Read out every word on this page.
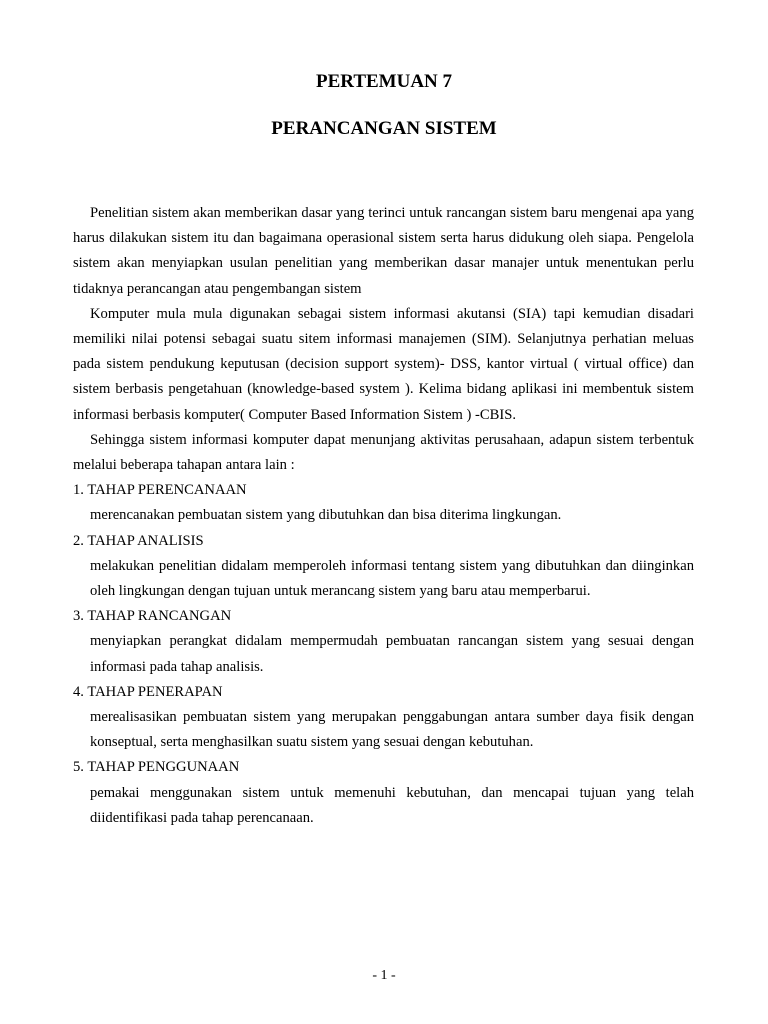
PERTEMUAN 7
PERANCANGAN SISTEM

Penelitian sistem akan memberikan dasar yang terinci untuk rancangan sistem baru mengenai apa yang harus dilakukan sistem itu dan bagaimana operasional sistem serta harus didukung oleh siapa. Pengelola sistem akan menyiapkan usulan penelitian yang memberikan dasar manajer untuk menentukan perlu tidaknya perancangan atau pengembangan sistem

Komputer mula mula digunakan sebagai sistem informasi akutansi (SIA) tapi kemudian disadari memiliki nilai potensi sebagai suatu sitem informasi manajemen (SIM). Selanjutnya perhatian meluas pada sistem pendukung keputusan (decision support system)- DSS, kantor virtual ( virtual office) dan sistem berbasis pengetahuan (knowledge-based system ). Kelima bidang aplikasi ini membentuk sistem informasi berbasis komputer( Computer Based Information Sistem ) -CBIS.

Sehingga sistem informasi komputer dapat menunjang aktivitas perusahaan, adapun sistem terbentuk melalui beberapa tahapan antara lain :

1. TAHAP PERENCANAAN

merencanakan pembuatan sistem yang dibutuhkan dan bisa diterima lingkungan.

2. TAHAP ANALISIS

melakukan penelitian didalam memperoleh informasi tentang sistem yang dibutuhkan dan diinginkan oleh lingkungan dengan tujuan untuk merancang sistem yang baru atau memperbarui.

3. TAHAP RANCANGAN

menyiapkan perangkat didalam mempermudah pembuatan rancangan sistem yang sesuai dengan informasi pada tahap analisis.

4. TAHAP PENERAPAN

merealisasikan pembuatan sistem yang merupakan penggabungan antara sumber daya fisik dengan konseptual, serta menghasilkan suatu sistem yang sesuai dengan kebutuhan.

5. TAHAP PENGGUNAAN

pemakai menggunakan sistem untuk memenuhi kebutuhan, dan mencapai tujuan yang telah diidentifikasi pada tahap perencanaan.

- 1 -
